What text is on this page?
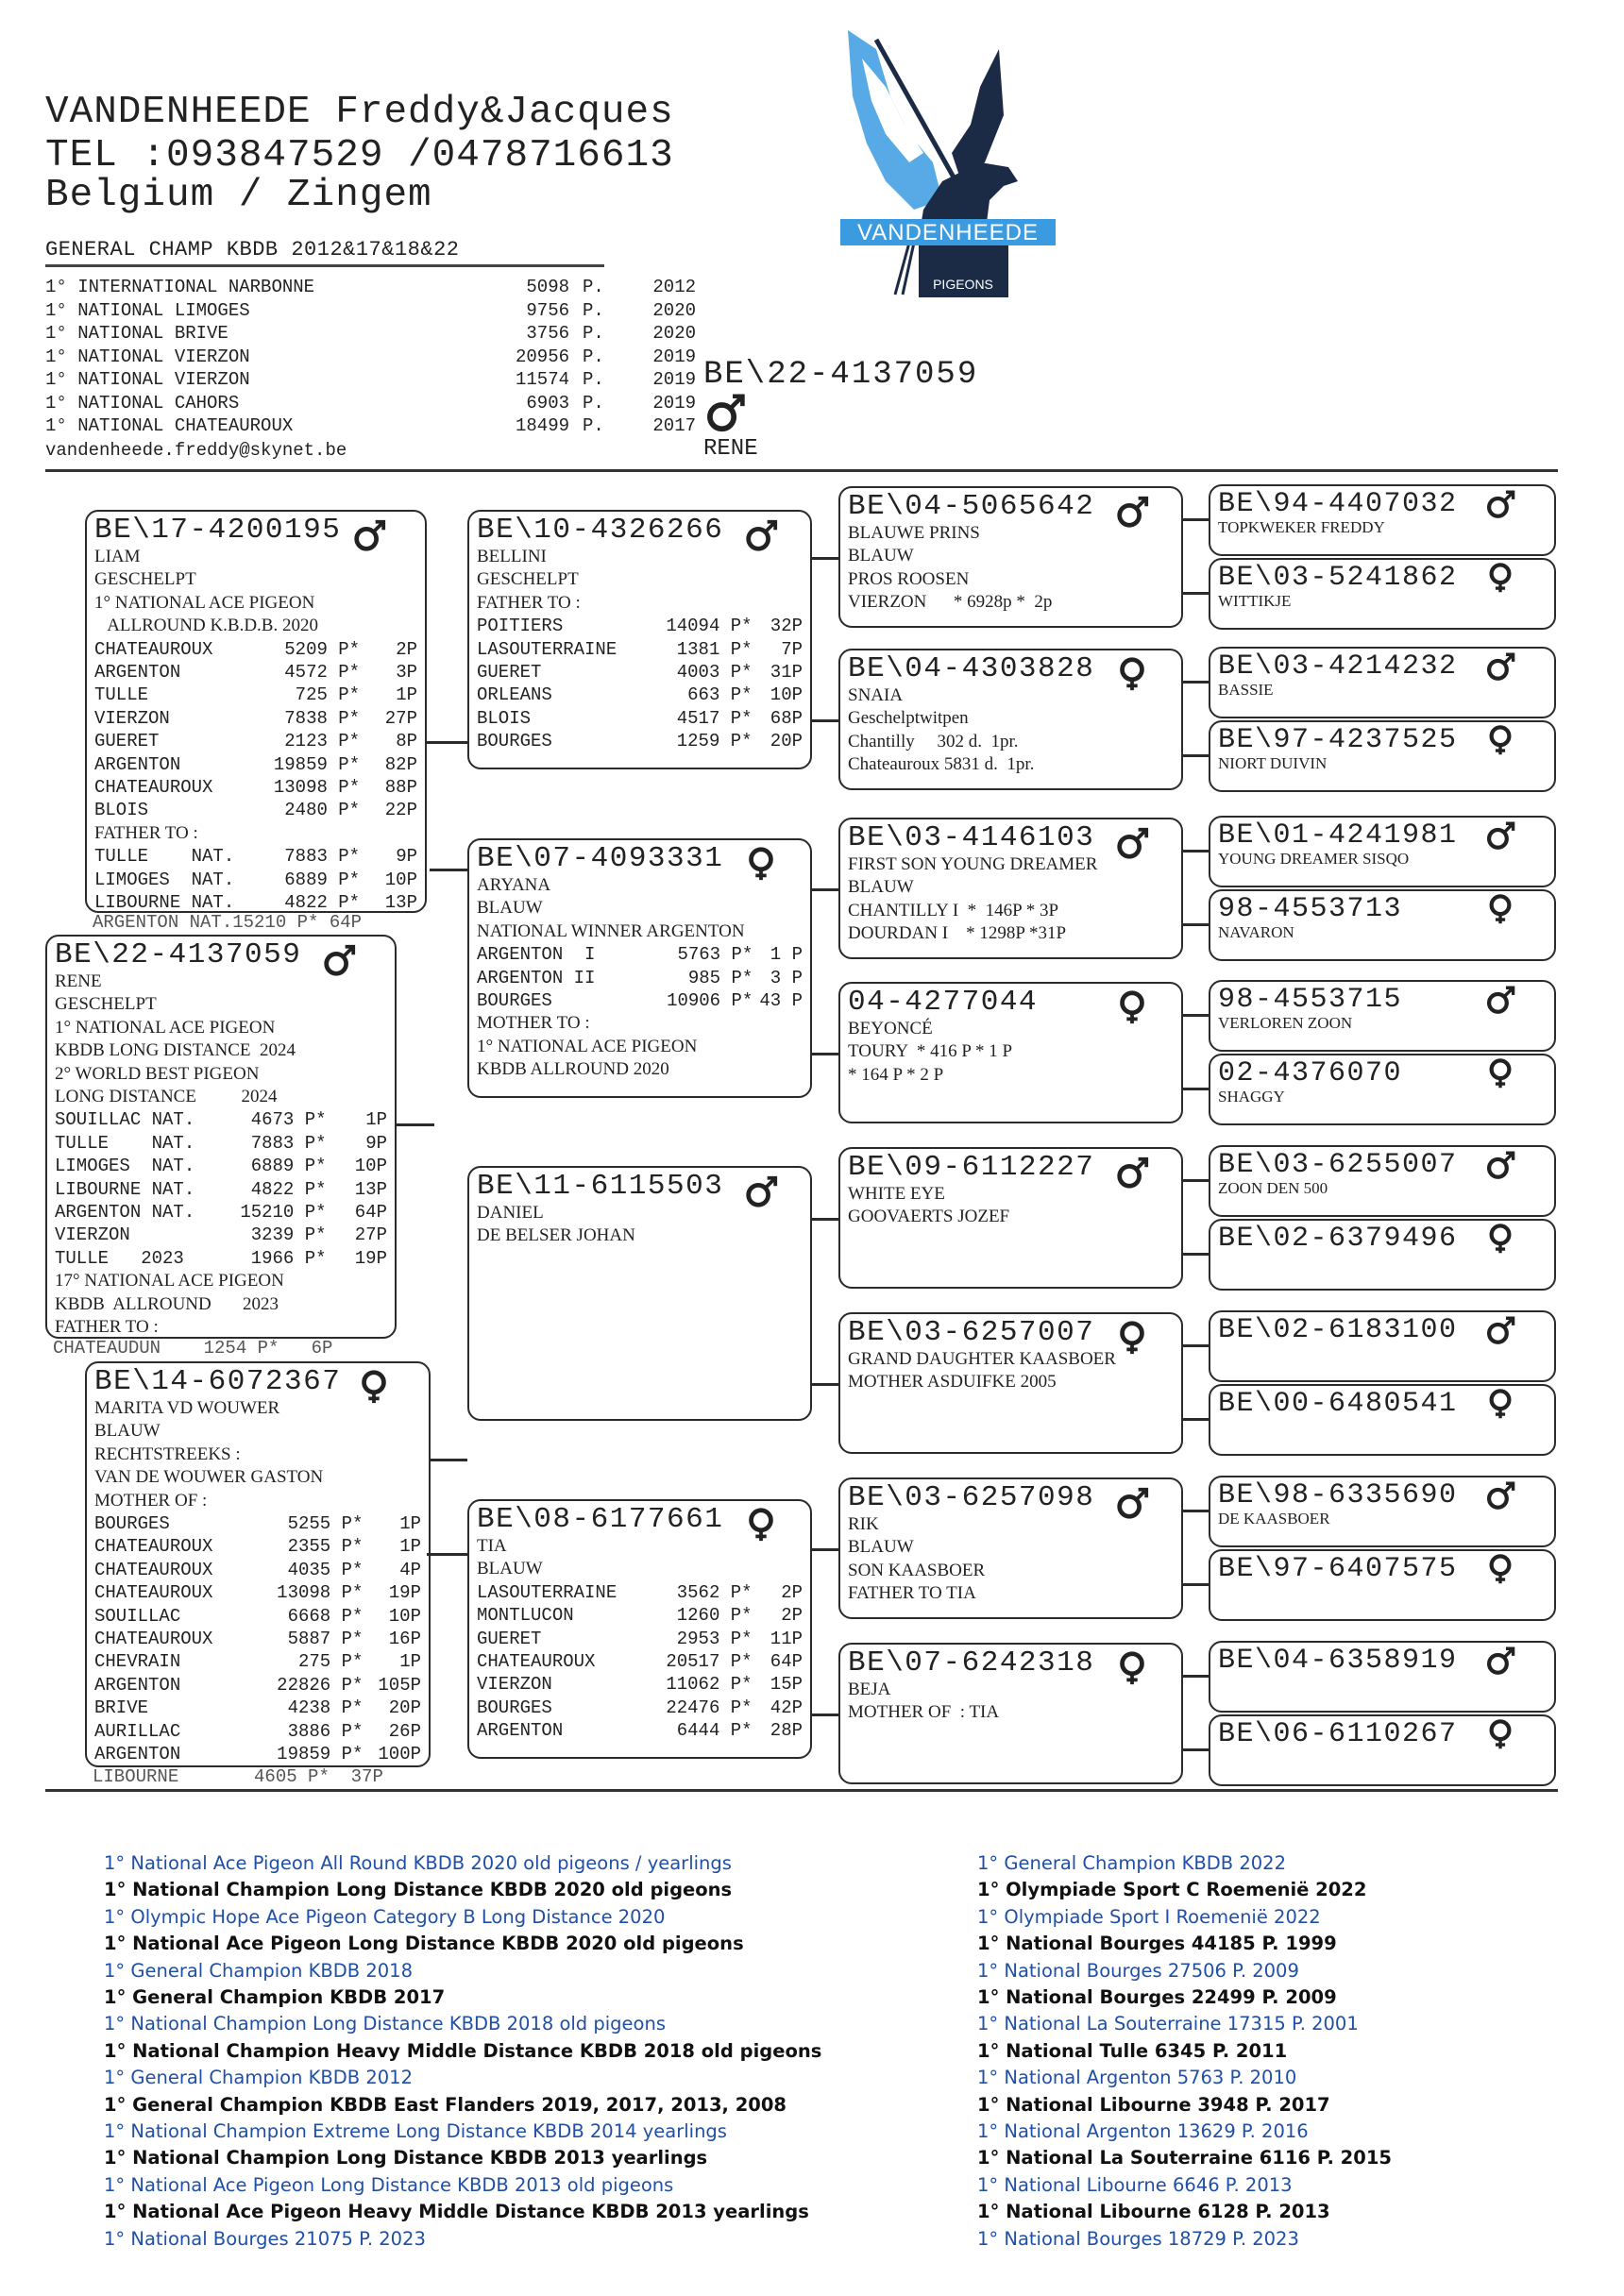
VANDENHEEDE Freddy&Jacques
TEL :093847529 /0478716613
Belgium / Zingem
GENERAL CHAMP KBDB 2012&17&18&22
1° INTERNATIONAL NARBONNE	5098 P.	2012
1° NATIONAL LIMOGES	9756 P.	2020
1° NATIONAL BRIVE	3756 P.	2020
1° NATIONAL VIERZON	20956 P.	2019
1° NATIONAL VIERZON	11574 P.	2019
1° NATIONAL CAHORS	6903 P.	2019
1° NATIONAL CHATEAUROUX	18499 P.	2017
vandenheede.freddy@skynet.be
VANDENHEEDE
PIGEONS
BE\22-4137059
RENE
BE\17-4200195
LIAM
GESCHELPT
1° NATIONAL ACE PIGEON
ALLROUND K.B.D.B. 2020
CHATEAUROUX	5209 P*	2P
ARGENTON	4572 P*	3P
TULLE	725 P*	1P
VIERZON	7838 P*	27P
GUERET	2123 P*	8P
ARGENTON	19859 P*	82P
CHATEAUROUX	13098 P*	88P
BLOIS	2480 P*	22P
FATHER TO :
TULLE    NAT.	7883 P*	9P
LIMOGES  NAT.	6889 P*	10P
LIBOURNE NAT.	4822 P*	13P
ARGENTON NAT.15210 P* 64P
BE\22-4137059
RENE
GESCHELPT
1° NATIONAL ACE PIGEON
KBDB LONG DISTANCE  2024
2° WORLD BEST PIGEON
LONG DISTANCE          2024
SOUILLAC NAT.	4673 P*	1P
TULLE    NAT.	7883 P*	9P
LIMOGES  NAT.	6889 P*	10P
LIBOURNE NAT.	4822 P*	13P
ARGENTON NAT.	15210 P*	64P
VIERZON	3239 P*	27P
TULLE   2023	1966 P*	19P
17° NATIONAL ACE PIGEON
KBDB  ALLROUND       2023
FATHER TO :
CHATEAUDUN    1254 P*   6P
BE\14-6072367
MARITA VD WOUWER
BLAUW
RECHTSTREEKS :
VAN DE WOUWER GASTON
MOTHER OF :
BOURGES	5255 P*	1P
CHATEAUROUX	2355 P*	1P
CHATEAUROUX	4035 P*	4P
CHATEAUROUX	13098 P*	19P
SOUILLAC	6668 P*	10P
CHATEAUROUX	5887 P*	16P
CHEVRAIN	275 P*	1P
ARGENTON	22826 P* 105P
BRIVE	4238 P*	20P
AURILLAC	3886 P*	26P
ARGENTON	19859 P* 100P
LIBOURNE       4605 P*  37P
BE\10-4326266
BELLINI
GESCHELPT
FATHER TO :
POITIERS	14094 P*	32P
LASOUTERRAINE	1381 P*	7P
GUERET	4003 P*	31P
ORLEANS	663 P*	10P
BLOIS	4517 P*	68P
BOURGES	1259 P*	20P
BE\07-4093331
ARYANA
BLAUW
NATIONAL WINNER ARGENTON
ARGENTON  I	5763 P* 1 P
ARGENTON II	985 P* 3 P
BOURGES	10906 P* 43 P
MOTHER TO :
1° NATIONAL ACE PIGEON
KBDB ALLROUND 2020
BE\11-6115503
DANIEL
DE BELSER JOHAN
BE\08-6177661
TIA
BLAUW
LASOUTERRAINE	3562 P*	2P
MONTLUCON	1260 P*	2P
GUERET	2953 P*	11P
CHATEAUROUX	20517 P*	64P
VIERZON	11062 P*	15P
BOURGES	22476 P*	42P
ARGENTON	6444 P*	28P
BE\04-5065642
BLAUWE PRINS
BLAUW
PROS ROOSEN
VIERZON      * 6928p *  2p
BE\04-4303828
SNAIA
Geschelptwitpen
Chantilly     302 d.  1pr.
Chateauroux 5831 d.  1pr.
BE\03-4146103
FIRST SON YOUNG DREAMER
BLAUW
CHANTILLY I  *  146P * 3P
DOURDAN I    * 1298P *31P
04-4277044
BEYONCÉ
TOURY  * 416 P * 1 P
* 164 P * 2 P
BE\09-6112227
WHITE EYE
GOOVAERTS JOZEF
BE\03-6257007
GRAND DAUGHTER KAASBOER
MOTHER ASDUIFKE 2005
BE\03-6257098
RIK
BLAUW
SON KAASBOER
FATHER TO TIA
BE\07-6242318
BEJA
MOTHER OF  : TIA
BE\94-4407032
TOPKWEKER FREDDY
BE\03-5241862
WITTIKJE
BE\03-4214232
BASSIE
BE\97-4237525
NIORT DUIVIN
BE\01-4241981
YOUNG DREAMER SISQO
98-4553713
NAVARON
98-4553715
VERLOREN ZOON
02-4376070
SHAGGY
BE\03-6255007
ZOON DEN 500
BE\02-6379496
BE\02-6183100
BE\00-6480541
BE\98-6335690
DE KAASBOER
BE\97-6407575
BE\04-6358919
BE\06-6110267
1° National Ace Pigeon All Round KBDB 2020 old pigeons / yearlings
1° National Champion Long Distance KBDB 2020 old pigeons
1° Olympic Hope Ace Pigeon Category B Long Distance 2020
1° National Ace Pigeon Long Distance KBDB 2020 old pigeons
1° General Champion KBDB 2018
1° General Champion KBDB 2017
1° National Champion Long Distance KBDB 2018 old pigeons
1° National Champion Heavy Middle Distance KBDB 2018 old pigeons
1° General Champion KBDB 2012
1° General Champion KBDB East Flanders 2019, 2017, 2013, 2008
1° National Champion Extreme Long Distance KBDB 2014 yearlings
1° National Champion Long Distance KBDB 2013 yearlings
1° National Ace Pigeon Long Distance KBDB 2013 old pigeons
1° National Ace Pigeon Heavy Middle Distance KBDB 2013 yearlings
1° National Bourges 21075 P. 2023
1° General Champion KBDB 2022
1° Olympiade Sport C Roemenië 2022
1° Olympiade Sport I Roemenië 2022
1° National Bourges 44185 P. 1999
1° National Bourges 27506 P. 2009
1° National Bourges 22499 P. 2009
1° National La Souterraine 17315 P. 2001
1° National Tulle 6345 P. 2011
1° National Argenton 5763 P. 2010
1° National Libourne 3948 P. 2017
1° National Argenton 13629 P. 2016
1° National La Souterraine 6116 P. 2015
1° National Libourne 6646 P. 2013
1° National Libourne 6128 P. 2013
1° National Bourges 18729 P. 2023
